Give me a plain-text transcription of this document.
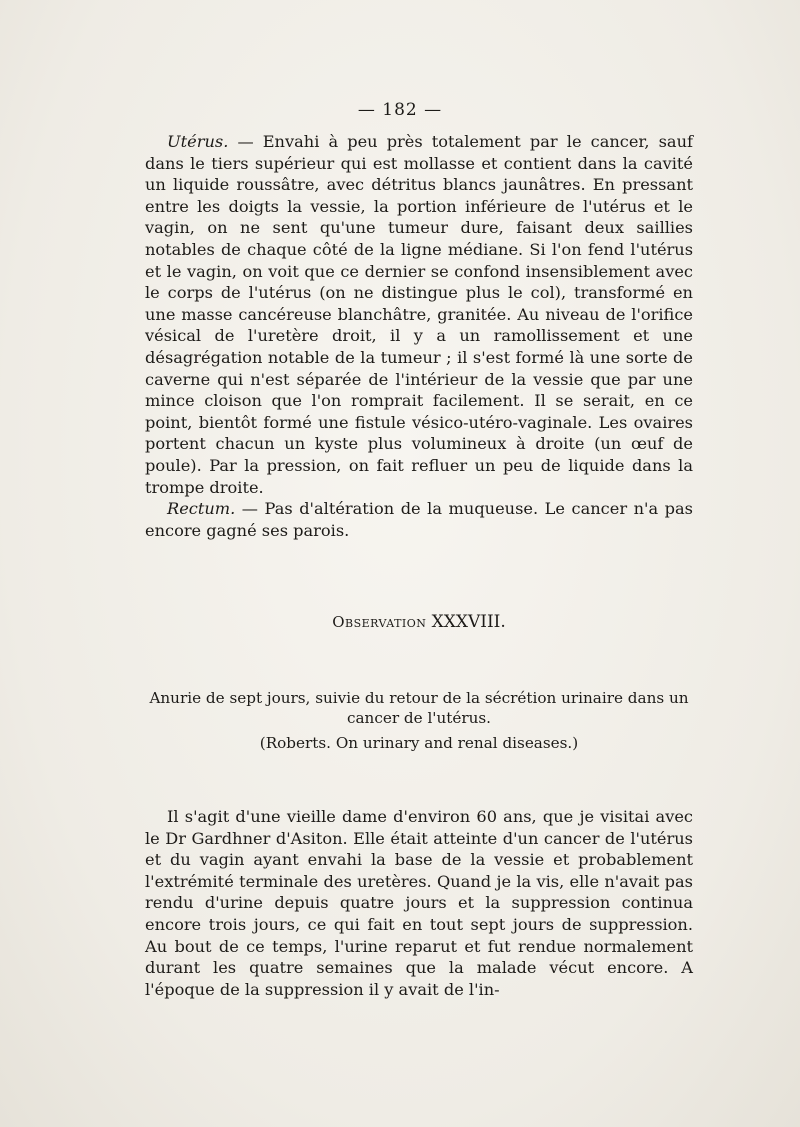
— 182 —

Utérus. — Envahi à peu près totalement par le cancer, sauf dans le tiers supérieur qui est mollasse et contient dans la cavité un liquide roussâtre, avec détritus blancs jaunâtres. En pressant entre les doigts la vessie, la portion inférieure de l'utérus et le vagin, on ne sent qu'une tumeur dure, faisant deux saillies notables de chaque côté de la ligne médiane. Si l'on fend l'utérus et le vagin, on voit que ce dernier se confond insensiblement avec le corps de l'utérus (on ne distingue plus le col), transformé en une masse cancéreuse blanchâtre, granitée. Au niveau de l'orifice vésical de l'uretère droit, il y a un ramollissement et une désagrégation notable de la tumeur ; il s'est formé là une sorte de caverne qui n'est séparée de l'intérieur de la vessie que par une mince cloison que l'on romprait facilement. Il se serait, en ce point, bientôt formé une fistule vésico-utéro-vaginale. Les ovaires portent chacun un kyste plus volumineux à droite (un œuf de poule). Par la pression, on fait refluer un peu de liquide dans la trompe droite.

Rectum. — Pas d'altération de la muqueuse. Le cancer n'a pas encore gagné ses parois.

Observation XXXVIII.
Anurie de sept jours, suivie du retour de la sécrétion urinaire dans un cancer de l'utérus.
(Roberts. On urinary and renal diseases.)

Il s'agit d'une vieille dame d'environ 60 ans, que je visitai avec le Dr Gardhner d'Asiton. Elle était atteinte d'un cancer de l'utérus et du vagin ayant envahi la base de la vessie et probablement l'extrémité terminale des uretères. Quand je la vis, elle n'avait pas rendu d'urine depuis quatre jours et la suppression continua encore trois jours, ce qui fait en tout sept jours de suppression. Au bout de ce temps, l'urine reparut et fut rendue normalement durant les quatre semaines que la malade vécut encore. A l'époque de la suppression il y avait de l'in-
